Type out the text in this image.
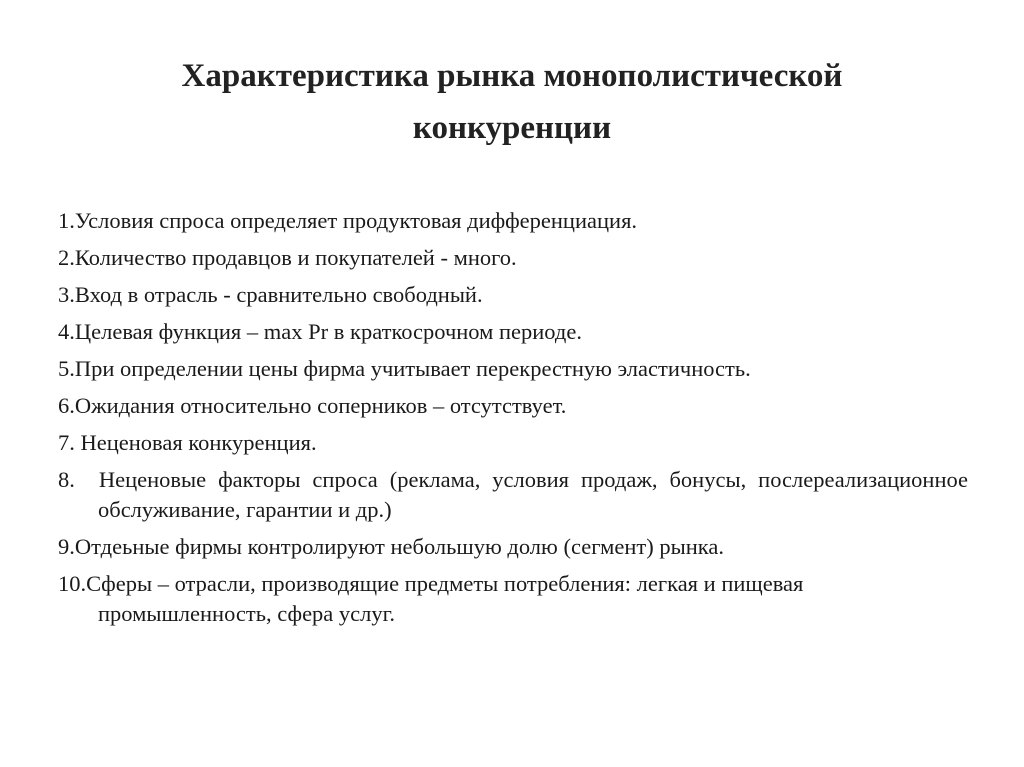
Характеристика рынка монополистической
конкуренции
1.Условия спроса определяет продуктовая дифференциация.
2.Количество продавцов и покупателей - много.
3.Вход в отрасль - сравнительно свободный.
4.Целевая функция – max Pr в краткосрочном периоде.
5.При определении цены фирма учитывает перекрестную эластичность.
6.Ожидания относительно соперников – отсутствует.
7. Неценовая конкуренция.
8.  Неценовые факторы спроса (реклама, условия продаж, бонусы, послереализационное обслуживание, гарантии и др.)
9.Отдеьные фирмы контролируют небольшую долю (сегмент) рынка.
10.Сферы – отрасли, производящие предметы потребления: легкая и пищевая промышленность, сфера услуг.
